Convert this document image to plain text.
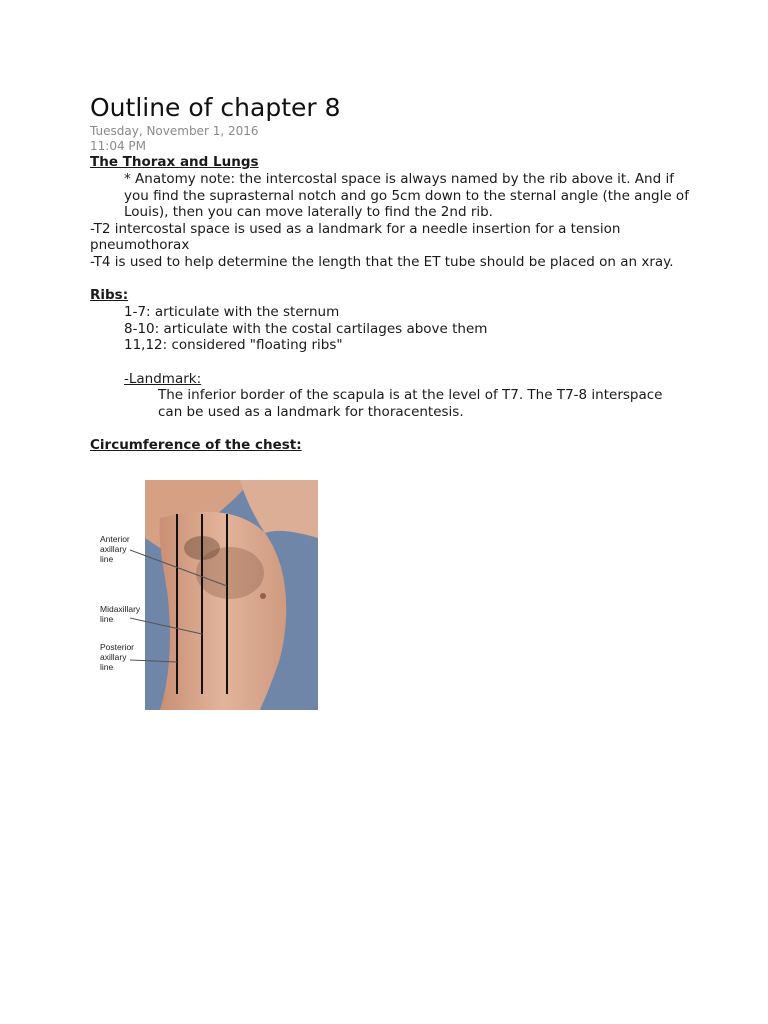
Outline of chapter 8
Tuesday, November 1, 2016
11:04 PM
The Thorax and Lungs
* Anatomy note: the intercostal space is always named by the rib above it. And if you find the suprasternal notch and go 5cm down to the sternal angle (the angle of Louis), then you can move laterally to find the 2nd rib.
-T2 intercostal space is used as a landmark for a needle insertion for a tension pneumothorax
-T4 is used to help determine the length that the ET tube should be placed on an xray.
Ribs:
1-7: articulate with the sternum
8-10: articulate with the costal cartilages above them
11,12: considered "floating ribs"
-Landmark:
The inferior border of the scapula is at the level of T7. The T7-8 interspace can be used as a landmark for thoracentesis.
Circumference of the chest:
Anterior
axillary
line
Midaxillary
line
Posterior
axillary
line
